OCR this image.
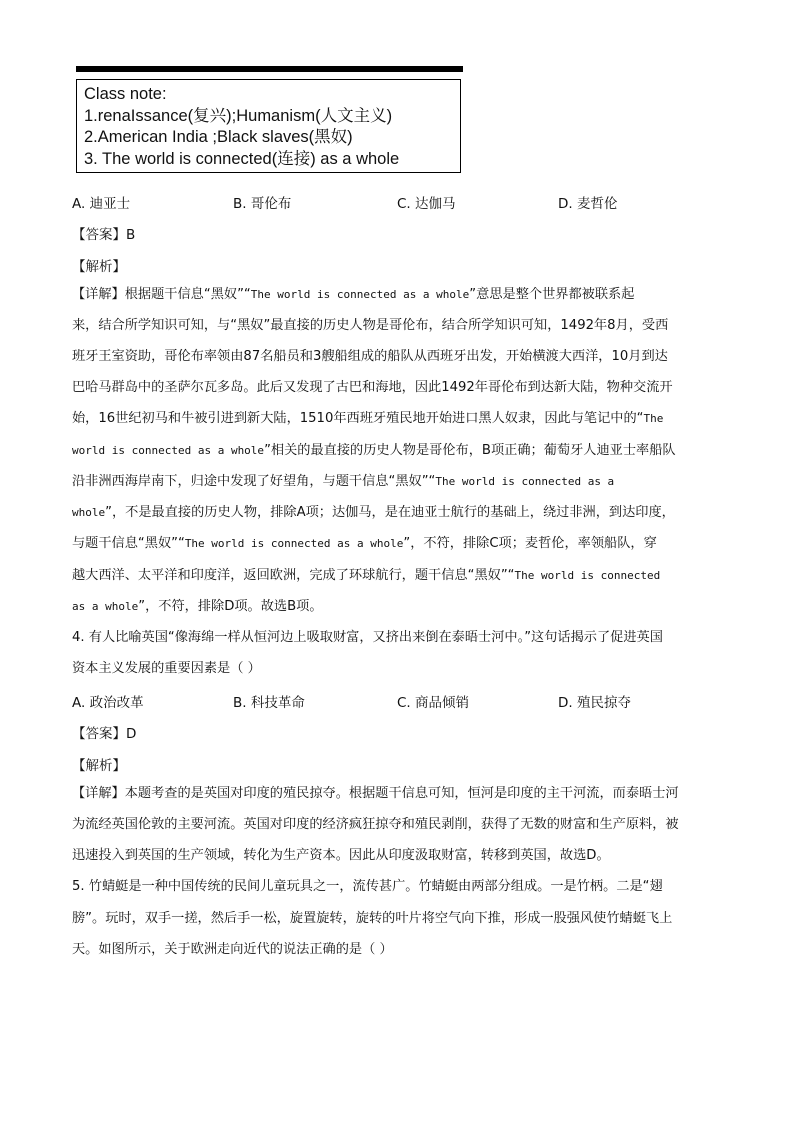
Class note:
1.renaIssance(复兴);Humanism(人文主义)
2.American India ;Black slaves(黑奴)
3. The world is connected(连接) as a whole
A. 迪亚士	B. 哥伦布	C. 达伽马	D. 麦哲伦
【答案】B
【解析】
【详解】根据题干信息“黑奴”“The world is connected as a whole”意思是整个世界都被联系起
来，结合所学知识可知，与“黑奴”最直接的历史人物是哥伦布，结合所学知识可知，1492年8月，受西
班牙王室资助，哥伦布率领由87名船员和3艘船组成的船队从西班牙出发，开始横渡大西洋，10月到达
巴哈马群岛中的圣萨尔瓦多岛。此后又发现了古巴和海地，因此1492年哥伦布到达新大陆，物种交流开
始，16世纪初马和牛被引进到新大陆，1510年西班牙殖民地开始进口黑人奴隶，因此与笔记中的“The
world is connected as a whole”相关的最直接的历史人物是哥伦布，B项正确；葡萄牙人迪亚士率船队
沿非洲西海岸南下，归途中发现了好望角，与题干信息“黑奴”“The world is connected as a
whole”，不是最直接的历史人物，排除A项；达伽马，是在迪亚士航行的基础上，绕过非洲，到达印度，
与题干信息“黑奴”“The world is connected as a whole”，不符，排除C项；麦哲伦，率领船队，穿
越大西洋、太平洋和印度洋，返回欧洲，完成了环球航行，题干信息“黑奴”“The world is connected
as a whole”，不符，排除D项。故选B项。
4. 有人比喻英国“像海绵一样从恒河边上吸取财富，又挤出来倒在泰晤士河中。”这句话揭示了促进英国
资本主义发展的重要因素是（ ）
A. 政治改革	B. 科技革命	C. 商品倾销	D. 殖民掠夺
【答案】D
【解析】
【详解】本题考查的是英国对印度的殖民掠夺。根据题干信息可知，恒河是印度的主干河流，而泰晤士河
为流经英国伦敦的主要河流。英国对印度的经济疯狂掠夺和殖民剥削，获得了无数的财富和生产原料，被
迅速投入到英国的生产领域，转化为生产资本。因此从印度汲取财富，转移到英国，故选D。
5. 竹蜻蜓是一种中国传统的民间儿童玩具之一，流传甚广。竹蜻蜓由两部分组成。一是竹柄。二是“翅
膀”。玩时，双手一搓，然后手一松，旋置旋转，旋转的叶片将空气向下推，形成一股强风使竹蜻蜓飞上
天。如图所示，关于欧洲走向近代的说法正确的是（ ）
